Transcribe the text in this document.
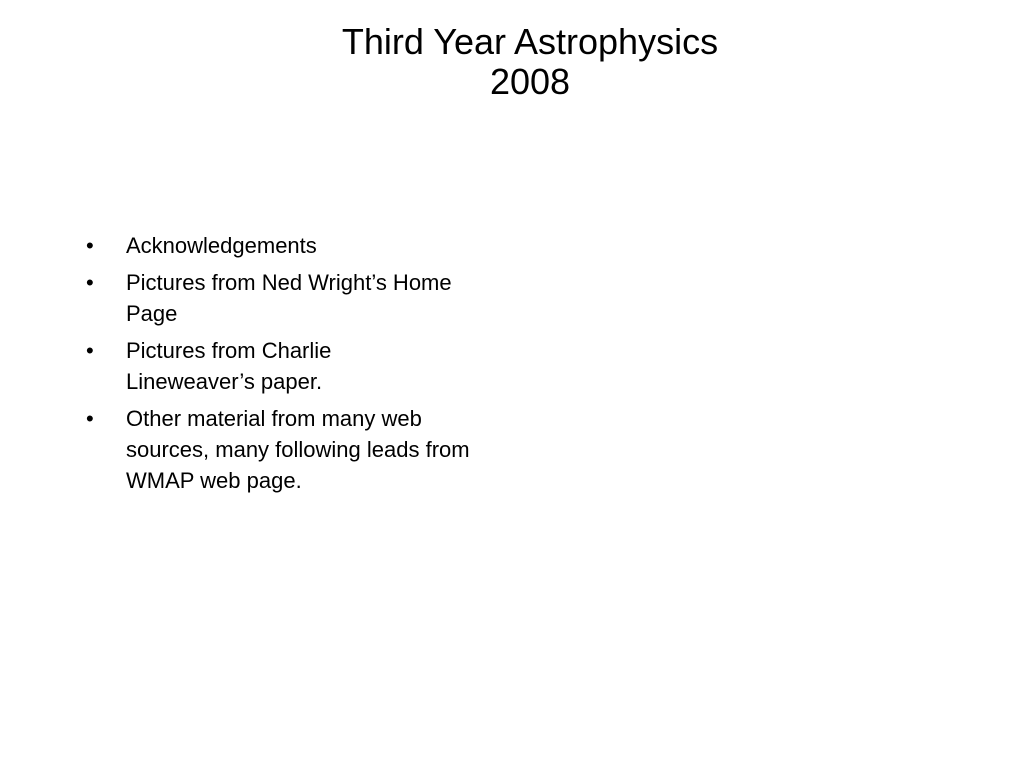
Third Year Astrophysics
2008
• Acknowledgements
• Pictures from Ned Wright’s Home Page
• Pictures from Charlie Lineweaver’s paper.
• Other material from many web sources, many following leads from WMAP web page.
